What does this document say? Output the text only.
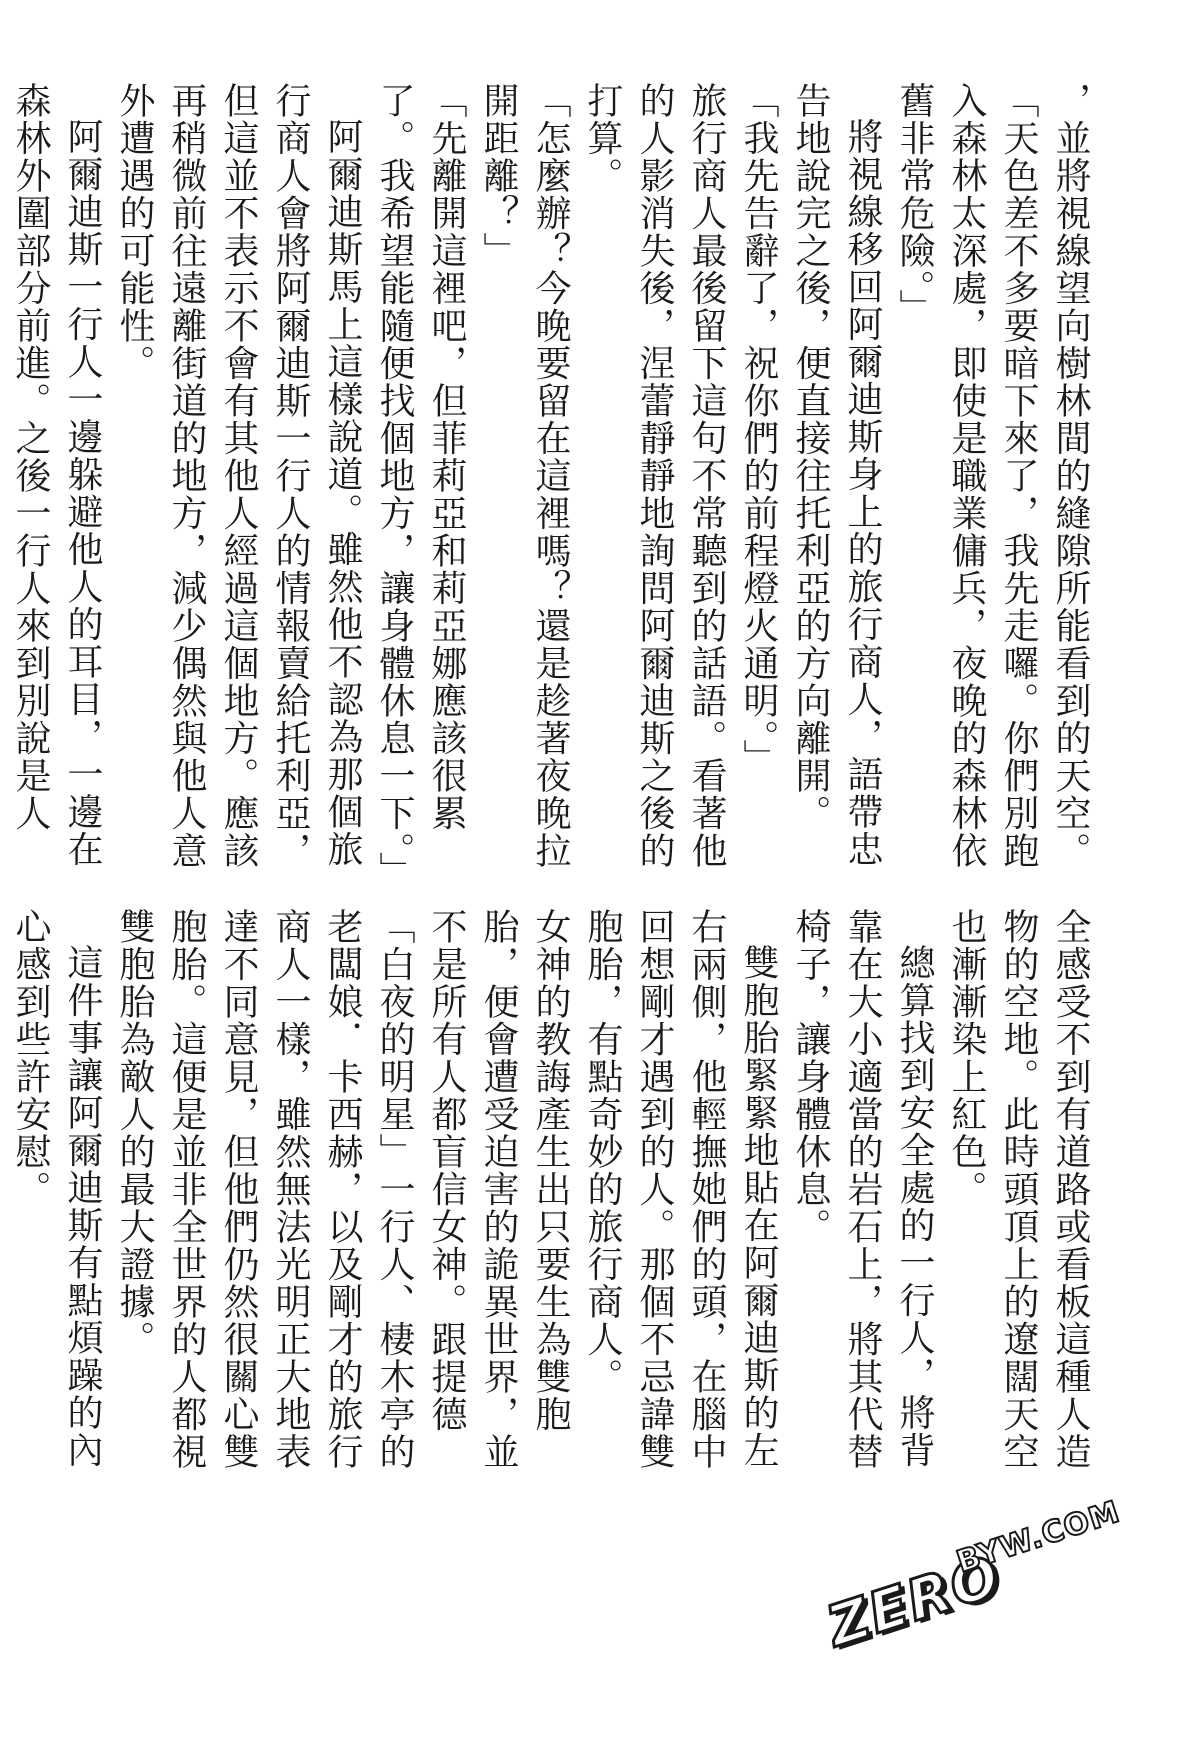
，並將視線望向樹林間的縫隙所能看到的天空。

「天色差不多要暗下來了，我先走囉。你們別跑入森林太深處，即使是職業傭兵，夜晚的森林依舊非常危險。」

將視線移回阿爾迪斯身上的旅行商人，語帶忠告地說完之後，便直接往托利亞的方向離開。

「我先告辭了，祝你們的前程燈火通明。」

旅行商人最後留下這句不常聽到的話語。看著他的人影消失後，涅蕾靜靜地詢問阿爾迪斯之後的打算。

「怎麼辦？今晚要留在這裡嗎？還是趁著夜晚拉開距離？」

「先離開這裡吧，但菲莉亞和莉亞娜應該很累了。我希望能隨便找個地方，讓身體休息一下。」

阿爾迪斯馬上這樣說道。雖然他不認為那個旅行商人會將阿爾迪斯一行人的情報賣給托利亞，但這並不表示不會有其他人經過這個地方。應該再稍微前往遠離街道的地方，減少偶然與他人意外遭遇的可能性。

阿爾迪斯一行人一邊躲避他人的耳目，一邊在森林外圍部分前進。之後一行人來到別說是人

全感受不到有道路或看板這種人造物的空地。此時頭頂上的遼闊天空也漸漸染上紅色。

總算找到安全處的一行人，將背靠在大小適當的岩石上，將其代替椅子，讓身體休息。

雙胞胎緊緊地貼在阿爾迪斯的左右兩側，他輕撫她們的頭，在腦中回想剛才遇到的人。那個不忌諱雙胞胎，有點奇妙的旅行商人。

女神的教誨產生出只要生為雙胞胎，便會遭受迫害的詭異世界，並不是所有人都盲信女神。跟提德「白夜的明星」一行人、棲木亭的老闆娘．卡西赫，以及剛才的旅行商人一樣，雖然無法光明正大地表達不同意見，但他們仍然很關心雙胞胎。這便是並非全世界的人都視雙胞胎為敵人的最大證據。

這件事讓阿爾迪斯有點煩躁的內心感到些許安慰。

ZERO
BYW.COM
